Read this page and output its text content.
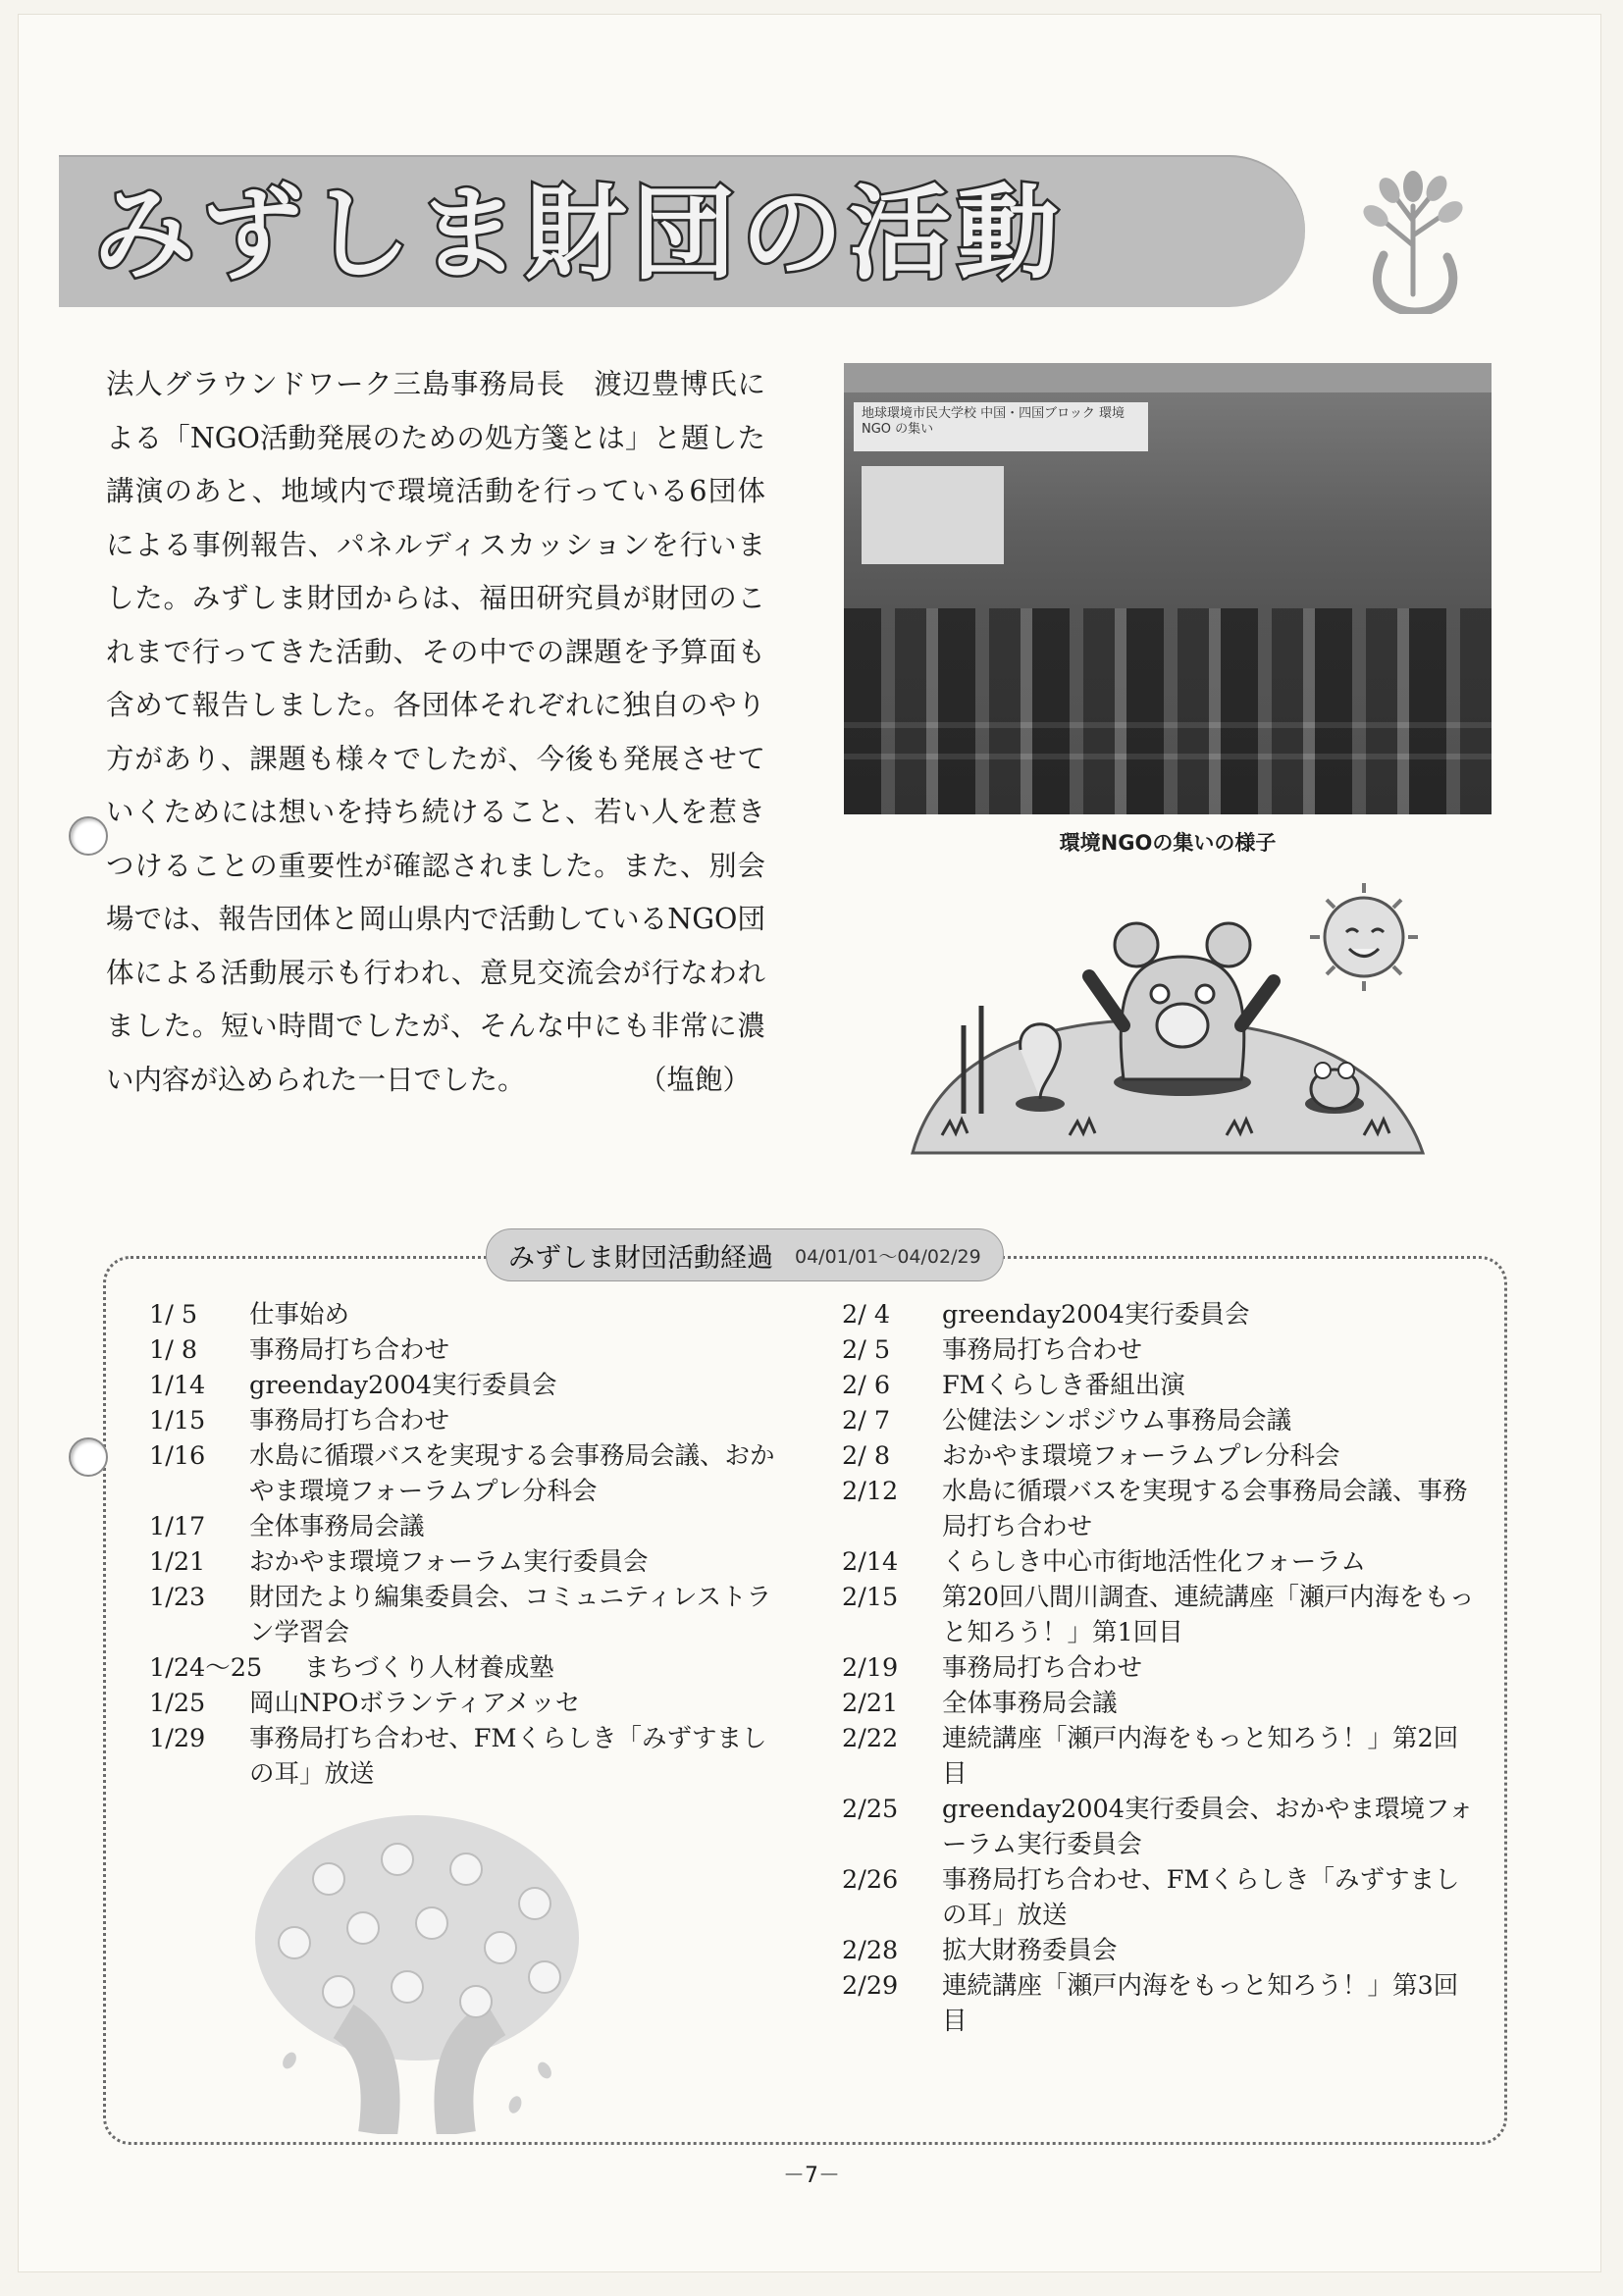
みずしま財団の活動
法人グラウンドワーク三島事務局長　渡辺豊博氏による「NGO活動発展のための処方箋とは」と題した講演のあと、地域内で環境活動を行っている6団体による事例報告、パネルディスカッションを行いました。みずしま財団からは、福田研究員が財団のこれまで行ってきた活動、その中での課題を予算面も含めて報告しました。各団体それぞれに独自のやり方があり、課題も様々でしたが、今後も発展させていくためには想いを持ち続けること、若い人を惹きつけることの重要性が確認されました。また、別会場では、報告団体と岡山県内で活動しているNGO団体による活動展示も行われ、意見交流会が行なわれました。短い時間でしたが、そんな中にも非常に濃い内容が込められた一日でした。	（塩飽）
地球環境市民大学校 中国・四国ブロック 環境 NGO の集い
環境NGOの集いの様子
みずしま財団活動経過 04/01/01〜04/02/29
1/ 5	仕事始め
1/ 8	事務局打ち合わせ
1/14	greenday2004実行委員会
1/15	事務局打ち合わせ
1/16	水島に循環バスを実現する会事務局会議、おかやま環境フォーラムプレ分科会
1/17	全体事務局会議
1/21	おかやま環境フォーラム実行委員会
1/23	財団たより編集委員会、コミュニティレストラン学習会
1/24〜25	まちづくり人材養成塾
1/25	岡山NPOボランティアメッセ
1/29	事務局打ち合わせ、FMくらしき「みずすましの耳」放送
2/ 4	greenday2004実行委員会
2/ 5	事務局打ち合わせ
2/ 6	FMくらしき番組出演
2/ 7	公健法シンポジウム事務局会議
2/ 8	おかやま環境フォーラムプレ分科会
2/12	水島に循環バスを実現する会事務局会議、事務局打ち合わせ
2/14	くらしき中心市街地活性化フォーラム
2/15	第20回八間川調査、連続講座「瀬戸内海をもっと知ろう！」第1回目
2/19	事務局打ち合わせ
2/21	全体事務局会議
2/22	連続講座「瀬戸内海をもっと知ろう！」第2回目
2/25	greenday2004実行委員会、おかやま環境フォーラム実行委員会
2/26	事務局打ち合わせ、FMくらしき「みずすましの耳」放送
2/28	拡大財務委員会
2/29	連続講座「瀬戸内海をもっと知ろう！」第3回目
－7－
